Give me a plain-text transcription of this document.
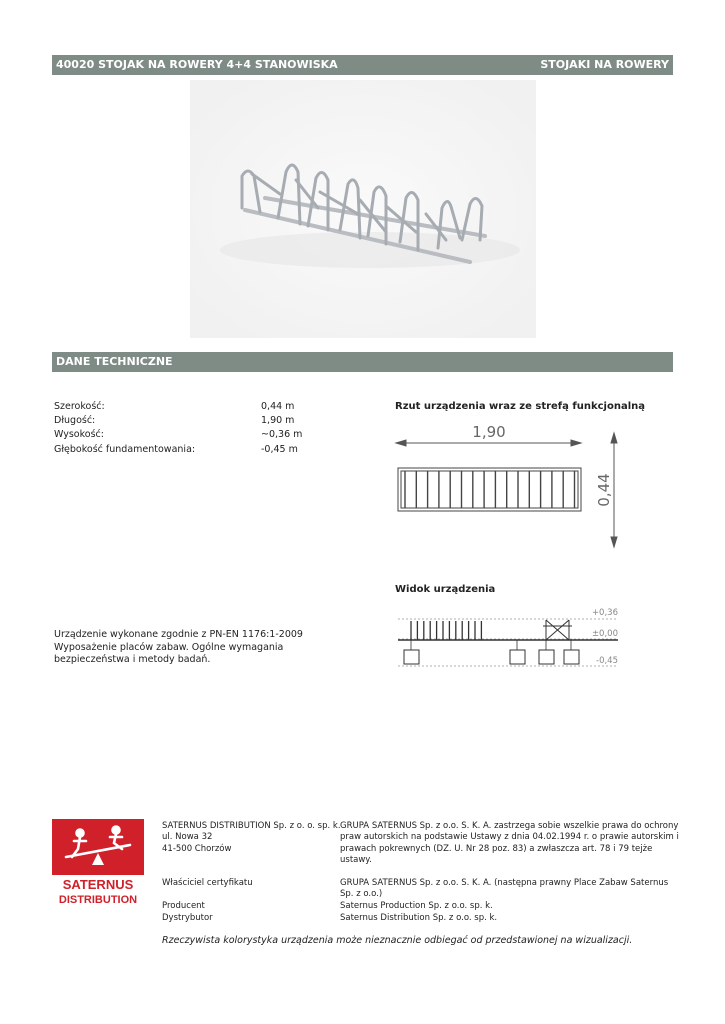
40020 STOJAK NA ROWERY 4+4 STANOWISKA	STOJAKI NA ROWERY
DANE TECHNICZNE
Szerokość:	0,44 m
Długość:	1,90 m
Wysokość:	~0,36 m
Głębokość fundamentowania:	-0,45 m
Rzut urządzenia wraz ze strefą funkcjonalną
1,90
0,44
Widok urządzenia
+0,36
±0,00
-0,45
Urządzenie wykonane zgodnie z PN-EN 1176:1-2009
Wyposażenie placów zabaw. Ogólne wymagania
bezpieczeństwa i metody badań.
SATERNUS
DISTRIBUTION
SATERNUS DISTRIBUTION Sp. z o. o. sp. k.
ul. Nowa 32
41-500 Chorzów
GRUPA SATERNUS Sp. z o.o. S. K. A. zastrzega sobie wszelkie prawa do ochrony
praw autorskich na podstawie Ustawy z dnia 04.02.1994 r. o prawie autorskim i
prawach pokrewnych (DZ. U. Nr 28 poz. 83) a zwłaszcza art. 78 i 79 tejże
ustawy.
Właściciel certyfikatu	GRUPA SATERNUS Sp. z o.o. S. K. A. (następna prawny Place Zabaw Saternus
Sp. z o.o.)
Producent	Saternus Production Sp. z o.o. sp. k.
Dystrybutor	Saternus Distribution Sp. z o.o. sp. k.
Rzeczywista kolorystyka urządzenia może nieznacznie odbiegać od przedstawionej na wizualizacji.
